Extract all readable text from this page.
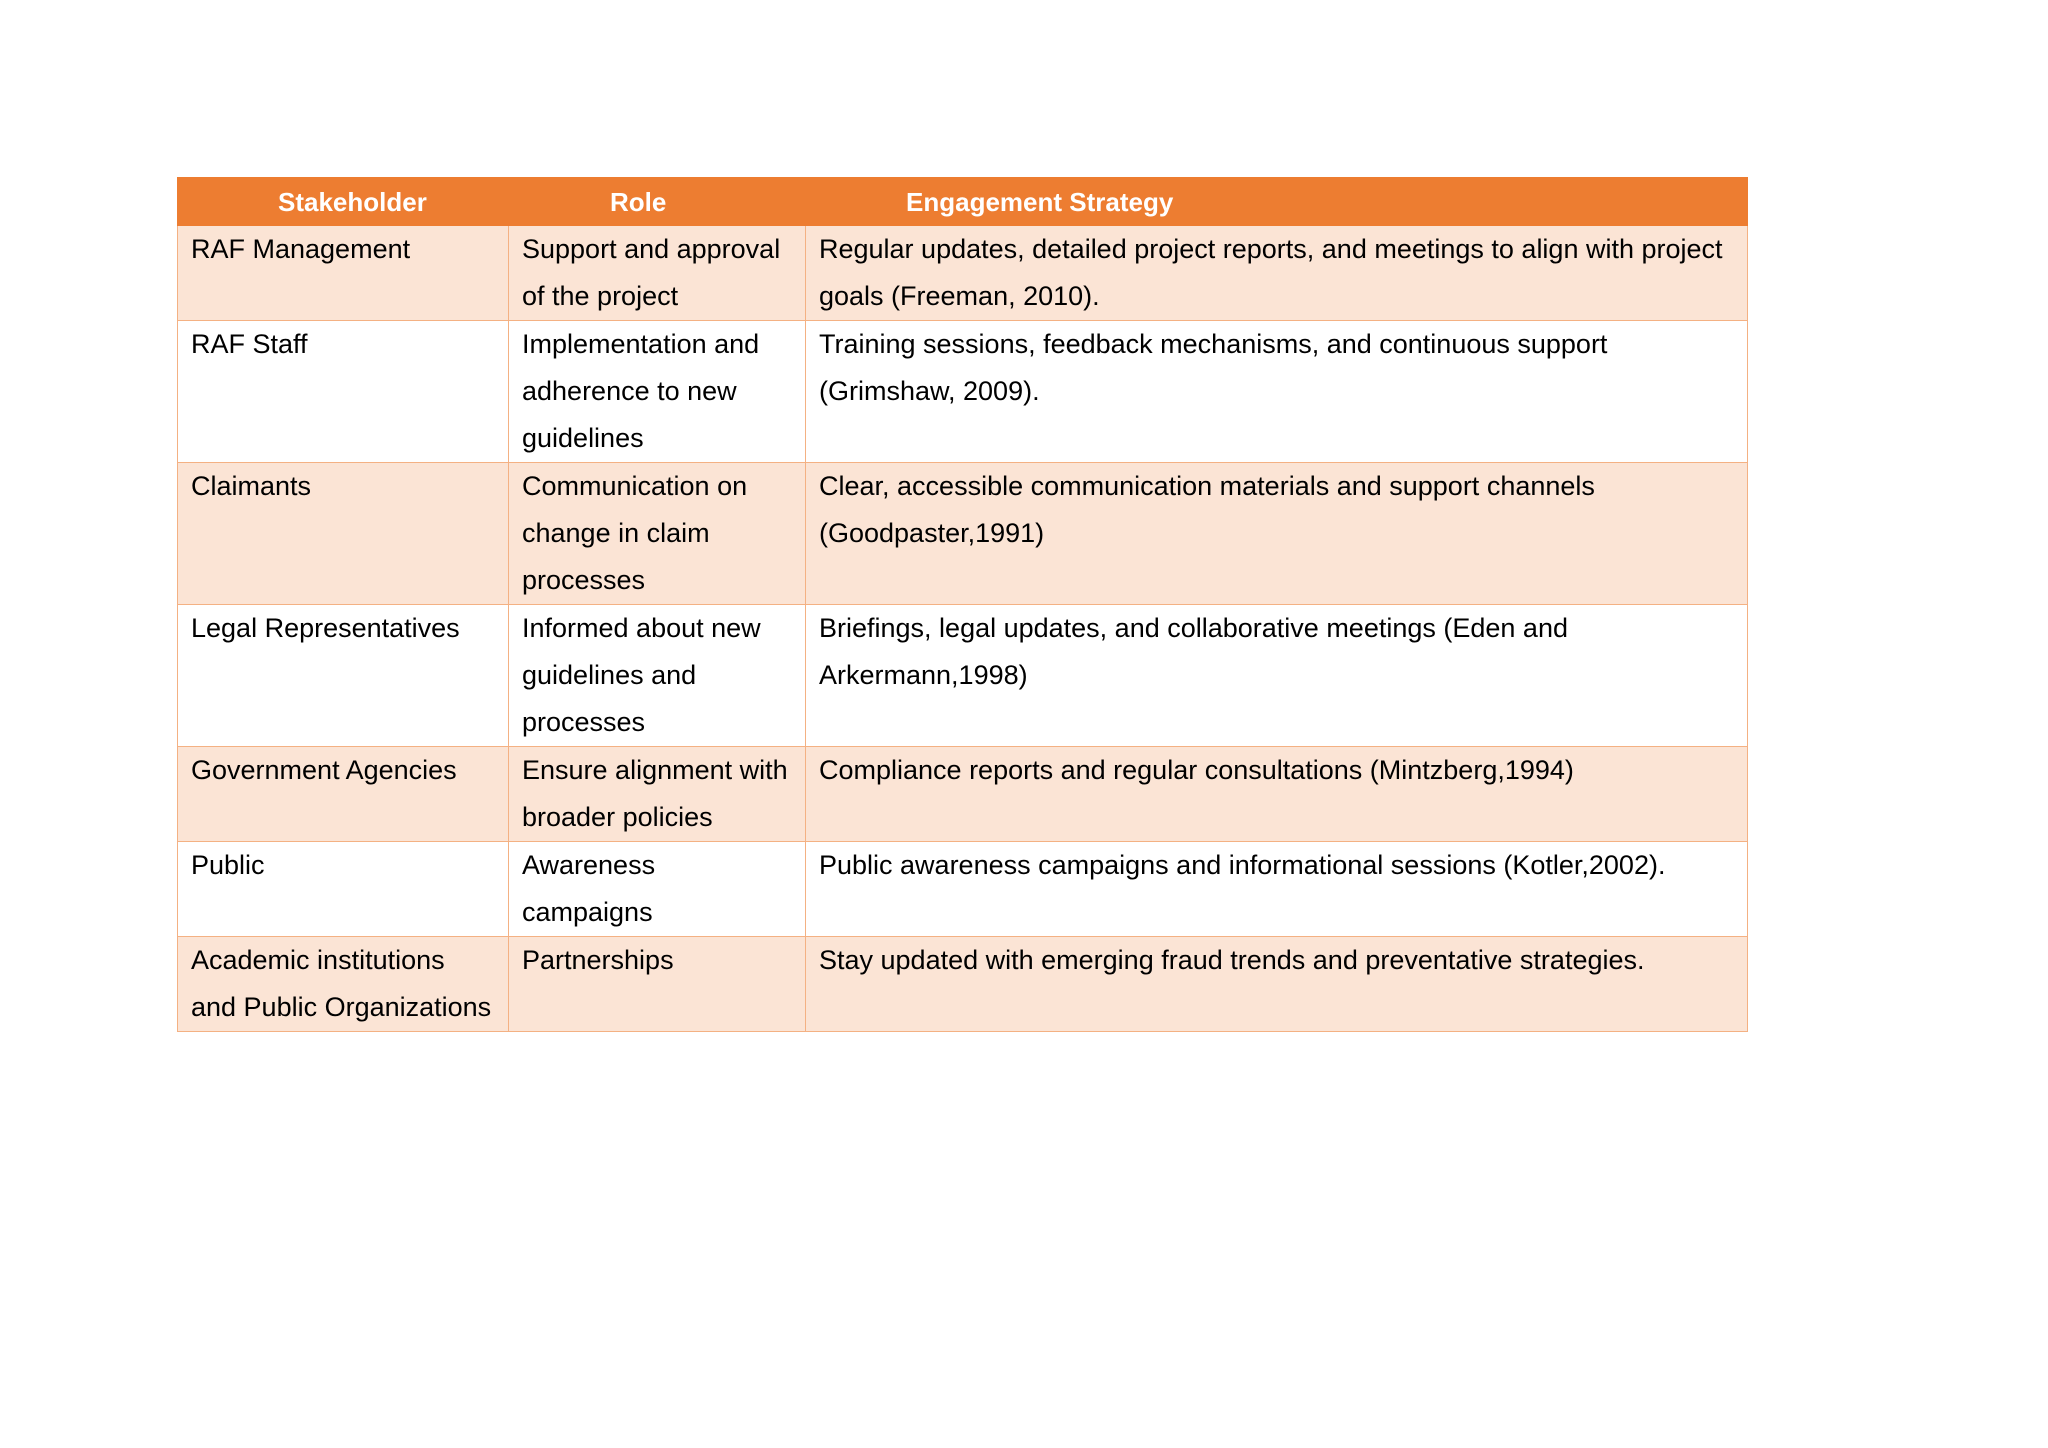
Stakeholder	Role	Engagement Strategy
RAF Management	Support and approval of the project	Regular updates, detailed project reports, and meetings to align with project goals (Freeman, 2010).
RAF Staff	Implementation and adherence to new guidelines	Training sessions, feedback mechanisms, and continuous support (Grimshaw, 2009).
Claimants	Communication on change in claim processes	Clear, accessible communication materials and support channels (Goodpaster,1991)
Legal Representatives	Informed about new guidelines and processes	Briefings, legal updates, and collaborative meetings (Eden and Arkermann,1998)
Government Agencies	Ensure alignment with broader policies	Compliance reports and regular consultations (Mintzberg,1994)
Public	Awareness campaigns	Public awareness campaigns and informational sessions (Kotler,2002).
Academic institutions and Public Organizations	Partnerships	Stay updated with emerging fraud trends and preventative strategies.
